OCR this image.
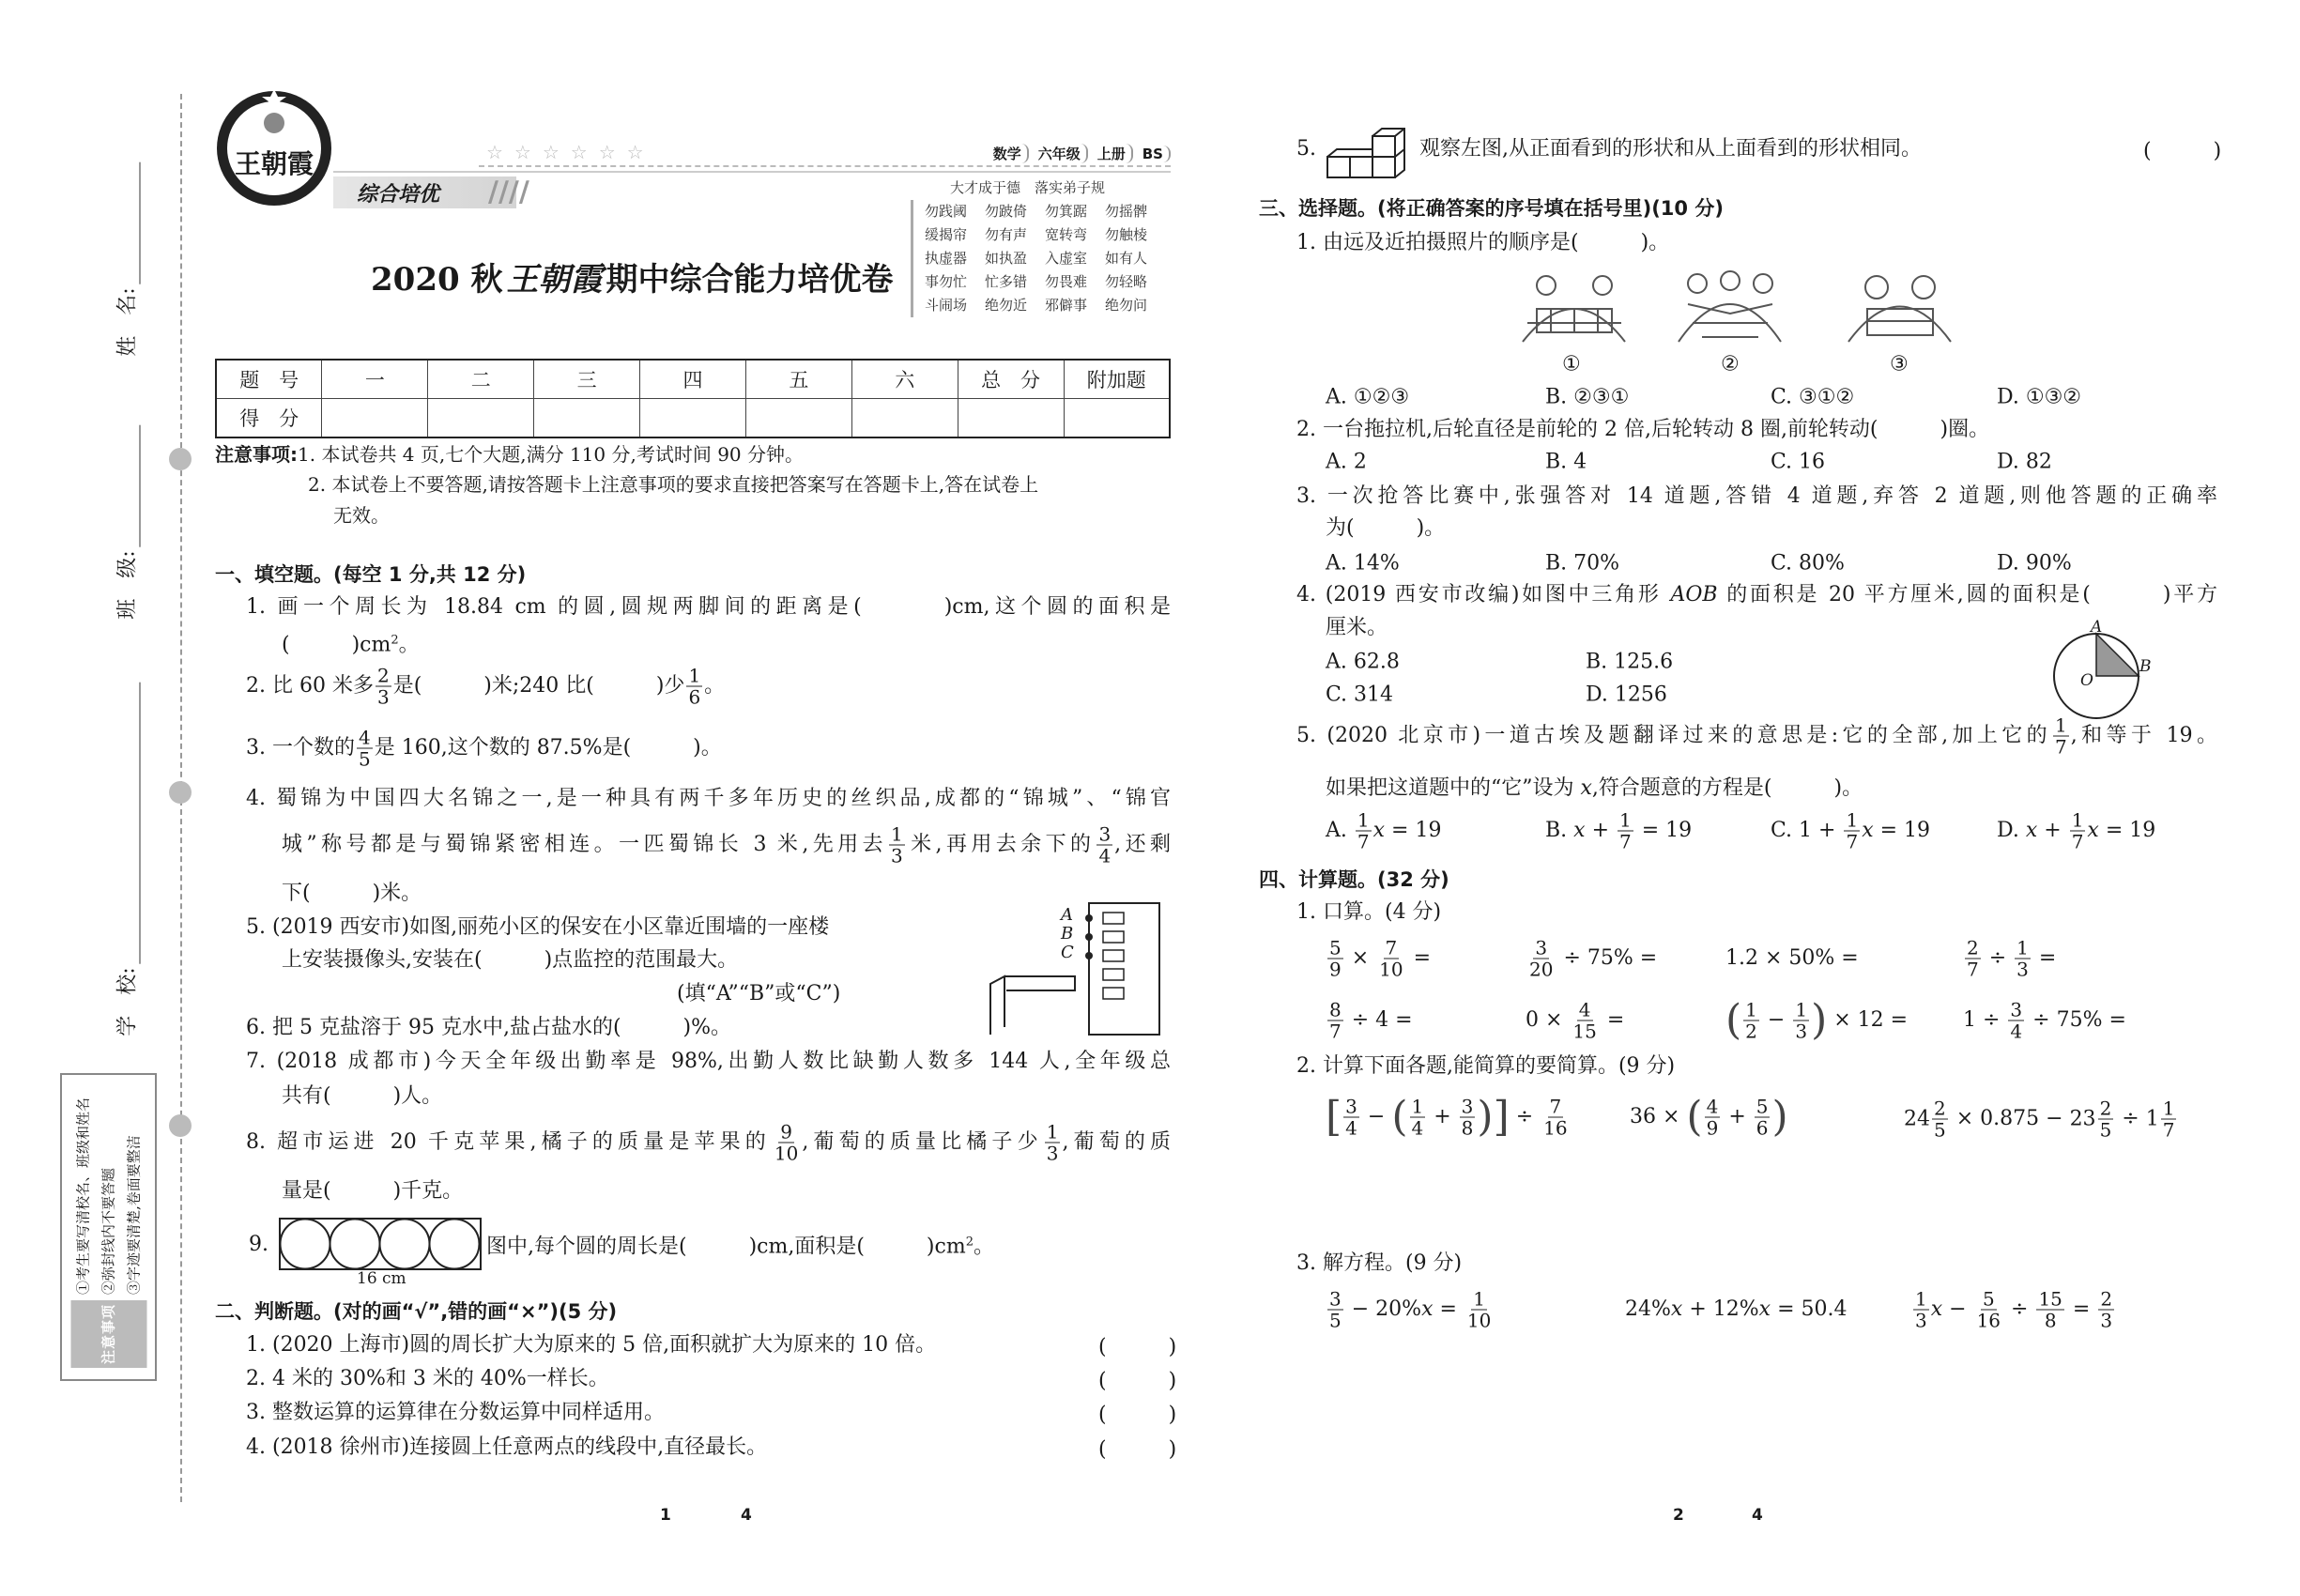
姓　名:
班　级:
学　校:
注意事项
①考生要写清校名、班级和姓名 ②弥封线内不要答题 ③字迹要清楚,卷面要整洁
王朝霞	☆☆☆☆☆☆	数学 六年级 上册 BS
综合培优 ////
2020 秋 王朝霞 期中综合能力培优卷
大才成于德　落实弟子规
勿践阈	勿跛倚	勿箕踞	勿摇髀
缓揭帘	勿有声	宽转弯	勿触棱
执虚器	如执盈	入虚室	如有人
事勿忙	忙多错	勿畏难	勿轻略
斗闹场	绝勿近	邪僻事	绝勿问
题　号	一	二	三	四	五	六	总　分	附加题
得　分								
注意事项:1. 本试卷共 4 页,七个大题,满分 110 分,考试时间 90 分钟。
2. 本试卷上不要答题,请按答题卡上注意事项的要求直接把答案写在答题卡上,答在试卷上
无效。
一、填空题。(每空 1 分,共 12 分)
1. 画一个周长为 18.84 cm 的圆,圆规两脚间的距离是(　　　)cm,这个圆的面积是
(　　　)$cm^2$。
2. 比 60 米多 $\frac{2}{3}$ 是(　　　)米;240 比(　　　)少 $\frac{1}{6}$ 。
3. 一个数的 $\frac{4}{5}$ 是 160,这个数的 87.5%是(　　　)。
4. 蜀锦为中国四大名锦之一,是一种具有两千多年历史的丝织品,成都的“锦城”、“锦官
城”称号都是与蜀锦紧密相连。一匹蜀锦长 3 米,先用去 $\frac{1}{3}$ 米,再用去余下的 $\frac{3}{4}$ ,还剩
下(　　　)米。
5. (2019 西安市)如图,丽苑小区的保安在小区靠近围墙的一座楼
上安装摄像头,安装在(　　　)点监控的范围最大。
(填“A”“B”或“C”)
A
B
C
6. 把 5 克盐溶于 95 克水中,盐占盐水的(　　　)%。
7. (2018 成都市)今天全年级出勤率是 98%,出勤人数比缺勤人数多 144 人,全年级总
共有(　　　)人。
8. 超市运进 20 千克苹果,橘子的质量是苹果的 $\frac{9}{10}$ ,葡萄的质量比橘子少 $\frac{1}{3}$ ,葡萄的质
量是(　　　)千克。
9.
16 cm
图中,每个圆的周长是(　　　)cm,面积是(　　　)$cm^2$。
二、判断题。(对的画“√”,错的画“×”)(5 分)
1. (2020 上海市)圆的周长扩大为原来的 5 倍,面积就扩大为原来的 10 倍。
2. 4 米的 30%和 3 米的 40%一样长。
3. 整数运算的运算律在分数运算中同样适用。
4. (2018 徐州市)连接圆上任意两点的线段中,直径最长。
(　　　)
(　　　)
(　　　)
(　　　)
1	4
5.	观察左图,从正面看到的形状和从上面看到的形状相同。	(　　　)
三、选择题。(将正确答案的序号填在括号里)(10 分)
1. 由远及近拍摄照片的顺序是(　　　)。
①	②	③
A. ①②③	B. ②③①	C. ③①②	D. ①③②
2. 一台拖拉机,后轮直径是前轮的 2 倍,后轮转动 8 圈,前轮转动(　　　)圈。
A. 2	B. 4	C. 16	D. 82
3. 一次抢答比赛中,张强答对 14 道题,答错 4 道题,弃答 2 道题,则他答题的正确率
为(　　　)。
A. 14%	B. 70%	C. 80%	D. 90%
4. (2019 西安市改编)如图中三角形 AOB 的面积是 20 平方厘米,圆的面积是(　　　)平方
厘米。
A. 62.8	B. 125.6
C. 314	D. 1256
A
B
O
5. (2020 北京市)一道古埃及题翻译过来的意思是:它的全部,加上它的 $\frac{1}{7}$ ,和等于 19。
如果把这道题中的“它”设为 x,符合题意的方程是(　　　)。
A. $\frac{1}{7}$ x = 19	B. $x + \frac{1}{7} = 19$	C. $1 + \frac{1}{7}$ x = 19	D. $x + \frac{1}{7}$ x = 19
四、计算题。(32 分)
1. 口算。(4 分)
$\frac{5}{9} \times \frac{7}{10}$ =	$\frac{3}{20} \div 75\%$ =	1.2 × 50% =	$\frac{2}{7} \div \frac{1}{3}$ =
$\frac{8}{7} \div 4$ =	$0 \times \frac{4}{15}$ = ( $\frac{1}{2} - \frac{1}{3}$ ) × 12 =	$1 \div \frac{3}{4} \div 75\%$ =
2. 计算下面各题,能简算的要简算。(9 分)
[ $\frac{3}{4}$ − ( $\frac{1}{4} + \frac{3}{8}$ )] ÷ $\frac{7}{16}$	36 × ( $\frac{4}{9} + \frac{5}{6}$ )	$24 \frac{2}{5} \times 0.875 - 23 \frac{2}{5} \div 1 \frac{1}{7}$
3. 解方程。(9 分)
$\frac{3}{5} - 20\%x = \frac{1}{10}$	24%x + 12%x = 50.4	$\frac{1}{3}$ $x - \frac{5}{16} \div \frac{15}{8} = \frac{2}{3}$
2	4
